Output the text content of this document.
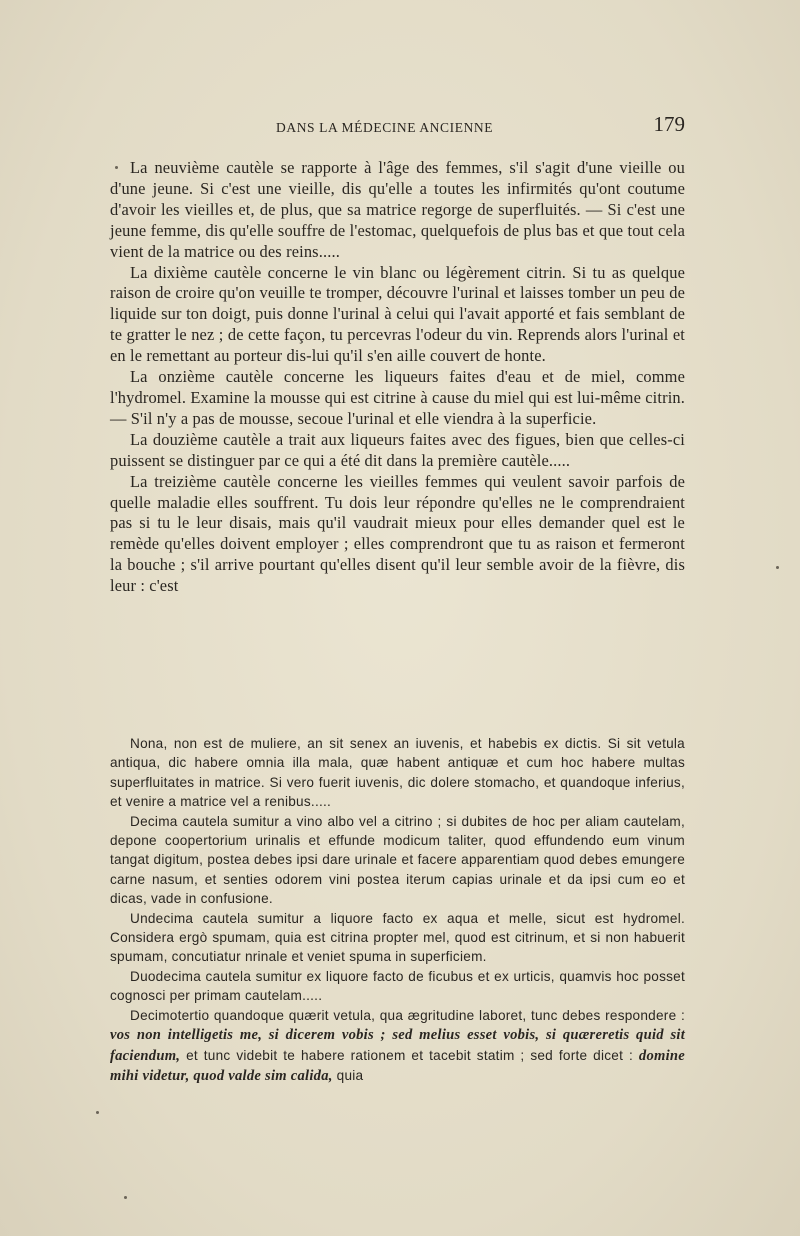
DANS LA MÉDECINE ANCIENNE	179

La neuvième cautèle se rapporte à l'âge des femmes, s'il s'agit d'une vieille ou d'une jeune. Si c'est une vieille, dis qu'elle a toutes les infirmités qu'ont coutume d'avoir les vieilles et, de plus, que sa matrice regorge de superfluités. — Si c'est une jeune femme, dis qu'elle souffre de l'estomac, quelquefois de plus bas et que tout cela vient de la matrice ou des reins.....

La dixième cautèle concerne le vin blanc ou légèrement citrin. Si tu as quelque raison de croire qu'on veuille te tromper, découvre l'urinal et laisses tomber un peu de liquide sur ton doigt, puis donne l'urinal à celui qui l'avait apporté et fais semblant de te gratter le nez ; de cette façon, tu percevras l'odeur du vin. Reprends alors l'urinal et en le remettant au porteur dis-lui qu'il s'en aille couvert de honte.

La onzième cautèle concerne les liqueurs faites d'eau et de miel, comme l'hydromel. Examine la mousse qui est citrine à cause du miel qui est lui-même citrin. — S'il n'y a pas de mousse, secoue l'urinal et elle viendra à la superficie.

La douzième cautèle a trait aux liqueurs faites avec des figues, bien que celles-ci puissent se distinguer par ce qui a été dit dans la première cautèle.....

La treizième cautèle concerne les vieilles femmes qui veulent savoir parfois de quelle maladie elles souffrent. Tu dois leur répondre qu'elles ne le comprendraient pas si tu le leur disais, mais qu'il vaudrait mieux pour elles demander quel est le remède qu'elles doivent employer ; elles comprendront que tu as raison et fermeront la bouche ; s'il arrive pourtant qu'elles disent qu'il leur semble avoir de la fièvre, dis leur : c'est

Nona, non est de muliere, an sit senex an iuvenis, et habebis ex dictis. Si sit vetula antiqua, dic habere omnia illa mala, quæ habent antiquæ et cum hoc habere multas superfluitates in matrice. Si vero fuerit iuvenis, dic dolere stomacho, et quandoque inferius, et venire a matrice vel a renibus.....

Decima cautela sumitur a vino albo vel a citrino ; si dubites de hoc per aliam cautelam, depone coopertorium urinalis et effunde modicum taliter, quod effundendo eum vinum tangat digitum, postea debes ipsi dare urinale et facere apparentiam quod debes emungere carne nasum, et senties odorem vini postea iterum capias urinale et da ipsi cum eo et dicas, vade in confusione.

Undecima cautela sumitur a liquore facto ex aqua et melle, sicut est hydromel. Considera ergò spumam, quia est citrina propter mel, quod est citrinum, et si non habuerit spumam, concutiatur nrinale et veniet spuma in superficiem.

Duodecima cautela sumitur ex liquore facto de ficubus et ex urticis, quamvis hoc posset cognosci per primam cautelam.....

Decimotertio quandoque quærit vetula, qua ægritudine laboret, tunc debes respondere : vos non intelligetis me, si dicerem vobis ; sed melius esset vobis, si quæreretis quid sit faciendum, et tunc videbit te habere rationem et tacebit statim ; sed forte dicet : domine mihi videtur, quod valde sim calida, quia
